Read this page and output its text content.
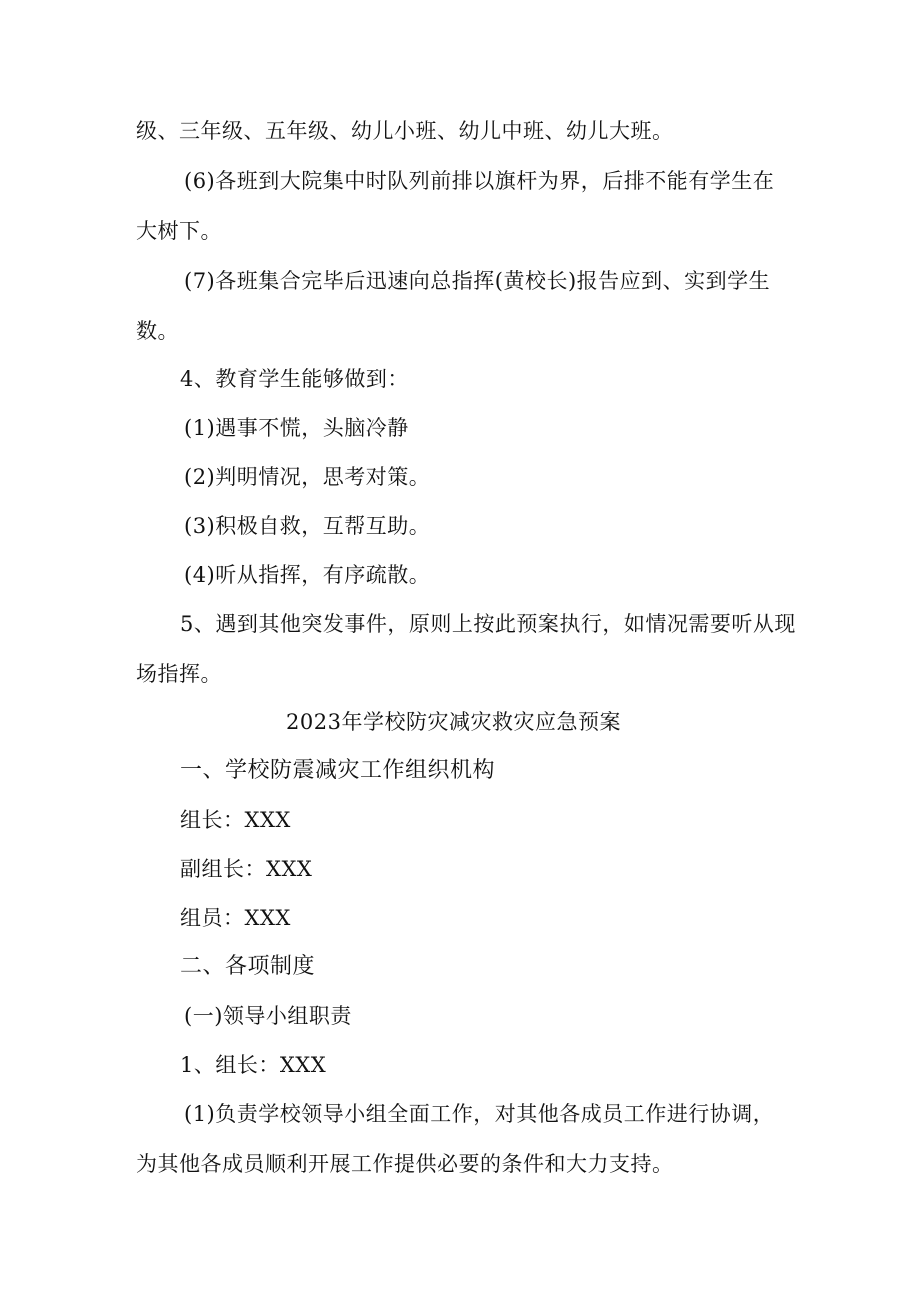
级、三年级、五年级、幼儿小班、幼儿中班、幼儿大班。
(6)各班到大院集中时队列前排以旗杆为界，后排不能有学生在
大树下。
(7)各班集合完毕后迅速向总指挥(黄校长)报告应到、实到学生
数。
4、教育学生能够做到：
(1)遇事不慌，头脑冷静
(2)判明情况，思考对策。
(3)积极自救，互帮互助。
(4)听从指挥，有序疏散。
5、遇到其他突发事件，原则上按此预案执行，如情况需要听从现
场指挥。
2023年学校防灾减灾救灾应急预案
一、学校防震减灾工作组织机构
组长：XXX
副组长：XXX
组员：XXX
二、各项制度
(一)领导小组职责
1、组长：XXX
(1)负责学校领导小组全面工作，对其他各成员工作进行协调，
为其他各成员顺利开展工作提供必要的条件和大力支持。
